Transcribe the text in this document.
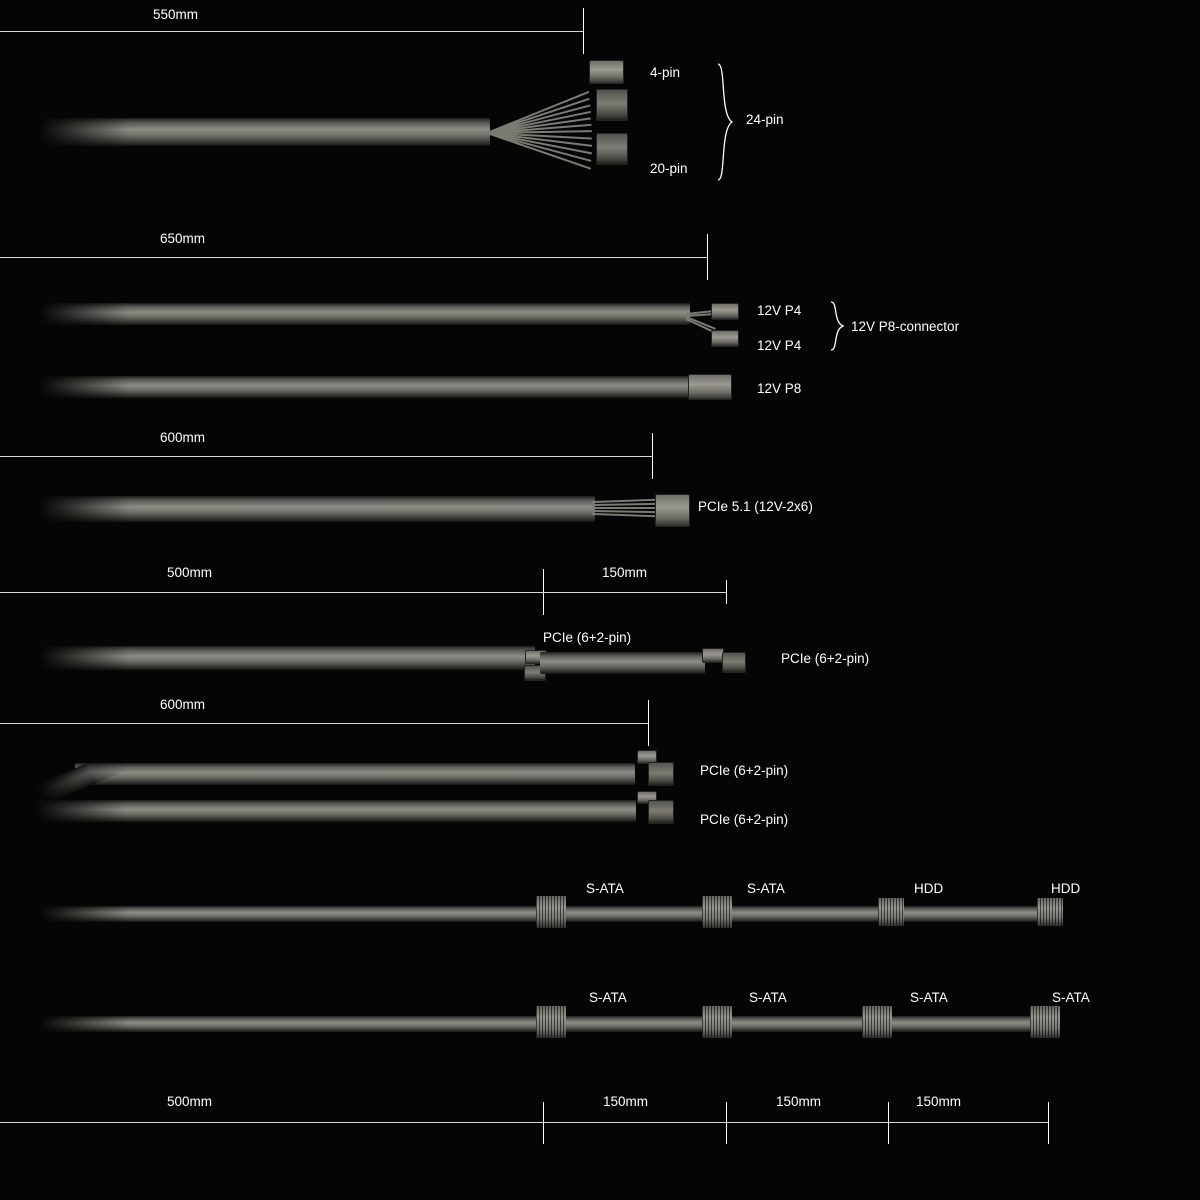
550mm
4-pin
20-pin
24-pin
650mm
12V P4
12V P4
12V P8-connector
12V P8
600mm
PCIe 5.1 (12V-2x6)
500mm	150mm
PCIe (6+2-pin)
PCIe (6+2-pin)
600mm
PCIe (6+2-pin)
PCIe (6+2-pin)
S-ATA	S-ATA	HDD	HDD
S-ATA	S-ATA	S-ATA	S-ATA
500mm	150mm	150mm	150mm
